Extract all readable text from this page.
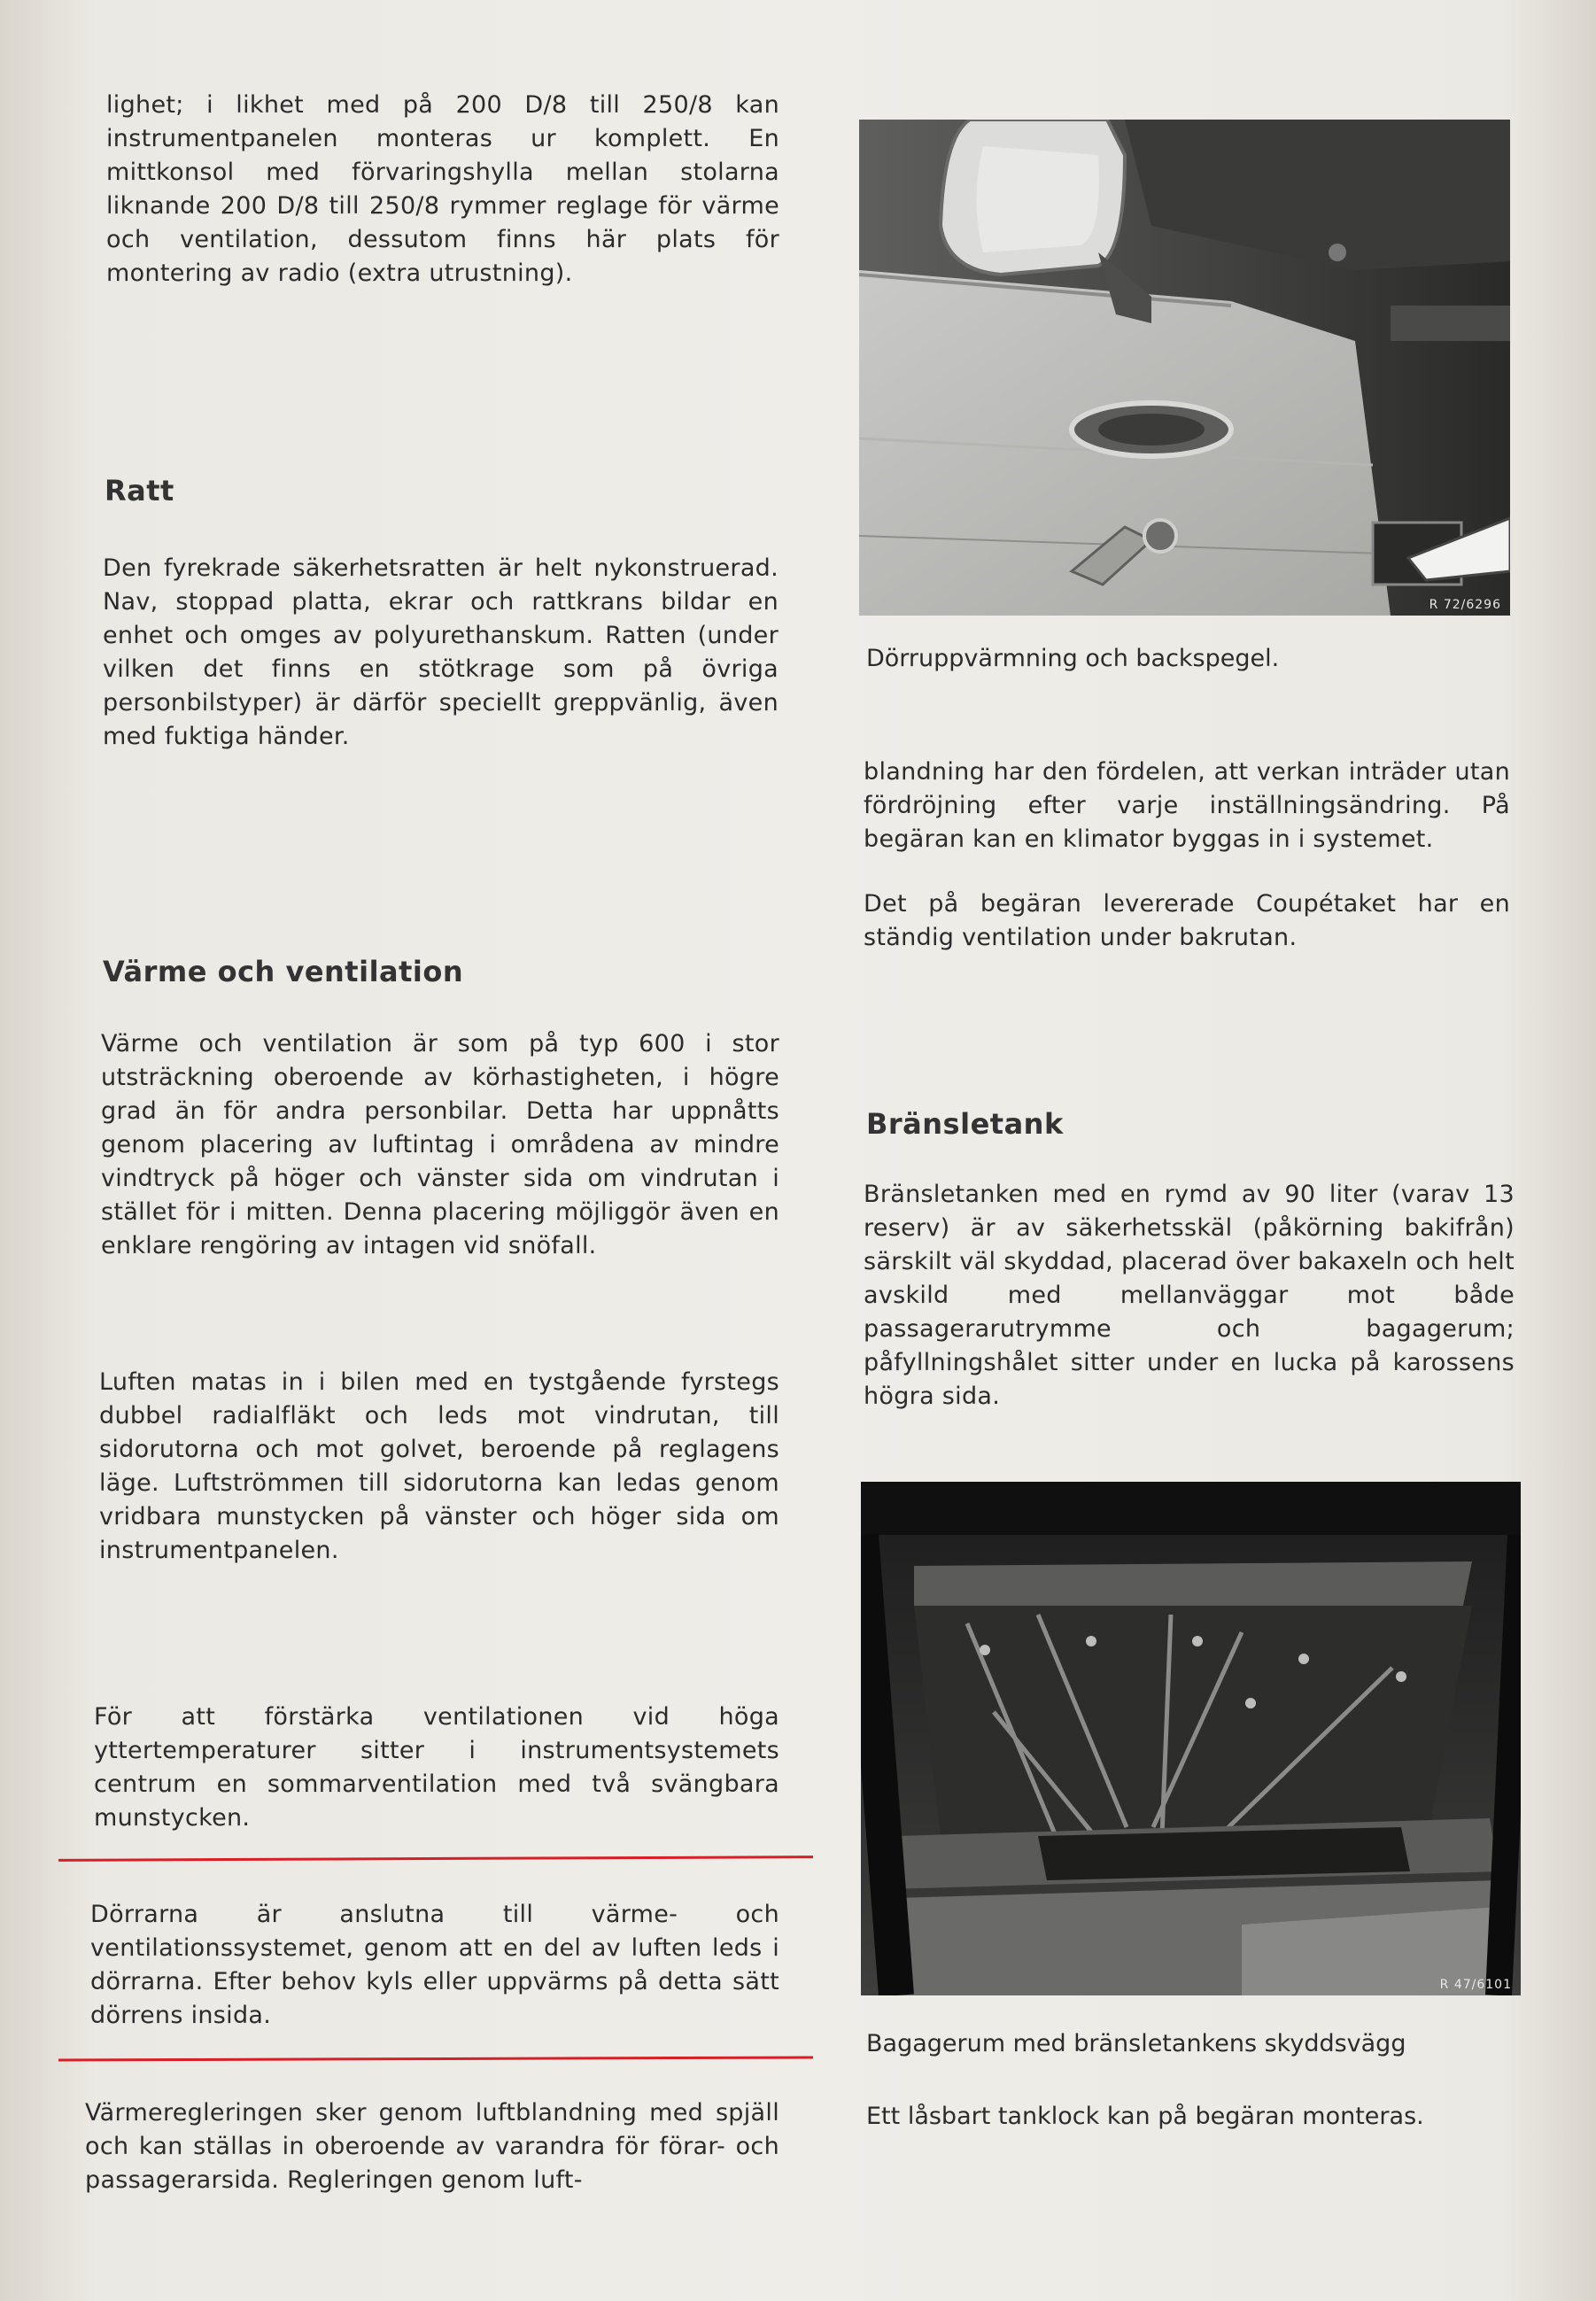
lighet; i likhet med på 200 D/8 till 250/8 kan instrumentpanelen monteras ur komplett. En mittkonsol med förvaringshylla mellan stolarna liknande 200 D/8 till 250/8 rymmer reglage för värme och ventilation, dessutom finns här plats för montering av radio (extra utrustning).

Ratt

Den fyrekrade säkerhetsratten är helt nykonstruerad. Nav, stoppad platta, ekrar och rattkrans bildar en enhet och omges av polyurethanskum. Ratten (under vilken det finns en stötkrage som på övriga personbilstyper) är därför speciellt greppvänlig, även med fuktiga händer.

Värme och ventilation

Värme och ventilation är som på typ 600 i stor utsträckning oberoende av körhastigheten, i högre grad än för andra personbilar. Detta har uppnåtts genom placering av luftintag i områdena av mindre vindtryck på höger och vänster sida om vindrutan i stället för i mitten. Denna placering möjliggör även en enklare rengöring av intagen vid snöfall.

Luften matas in i bilen med en tystgående fyrstegs dubbel radialfläkt och leds mot vindrutan, till sidorutorna och mot golvet, beroende på reglagens läge. Luftströmmen till sidorutorna kan ledas genom vridbara munstycken på vänster och höger sida om instrumentpanelen.

För att förstärka ventilationen vid höga yttertemperaturer sitter i instrumentsystemets centrum en sommarventilation med två svängbara munstycken.

Dörrarna är anslutna till värme- och ventilationssystemet, genom att en del av luften leds i dörrarna. Efter behov kyls eller uppvärms på detta sätt dörrens insida.

Värmeregleringen sker genom luftblandning med spjäll och kan ställas in oberoende av varandra för förar- och passagerarsida. Regleringen genom luft-

R 72/6296

Dörruppvärmning och backspegel.

blandning har den fördelen, att verkan inträder utan fördröjning efter varje inställningsändring. På begäran kan en klimator byggas in i systemet.

Det på begäran levererade Coupétaket har en ständig ventilation under bakrutan.

Bränsletank

Bränsletanken med en rymd av 90 liter (varav 13 reserv) är av säkerhetsskäl (påkörning bakifrån) särskilt väl skyddad, placerad över bakaxeln och helt avskild med mellanväggar mot både passagerarutrymme och bagagerum; påfyllningshålet sitter under en lucka på karossens högra sida.

R 47/6101

Bagagerum med bränsletankens skyddsvägg

Ett låsbart tanklock kan på begäran monteras.
